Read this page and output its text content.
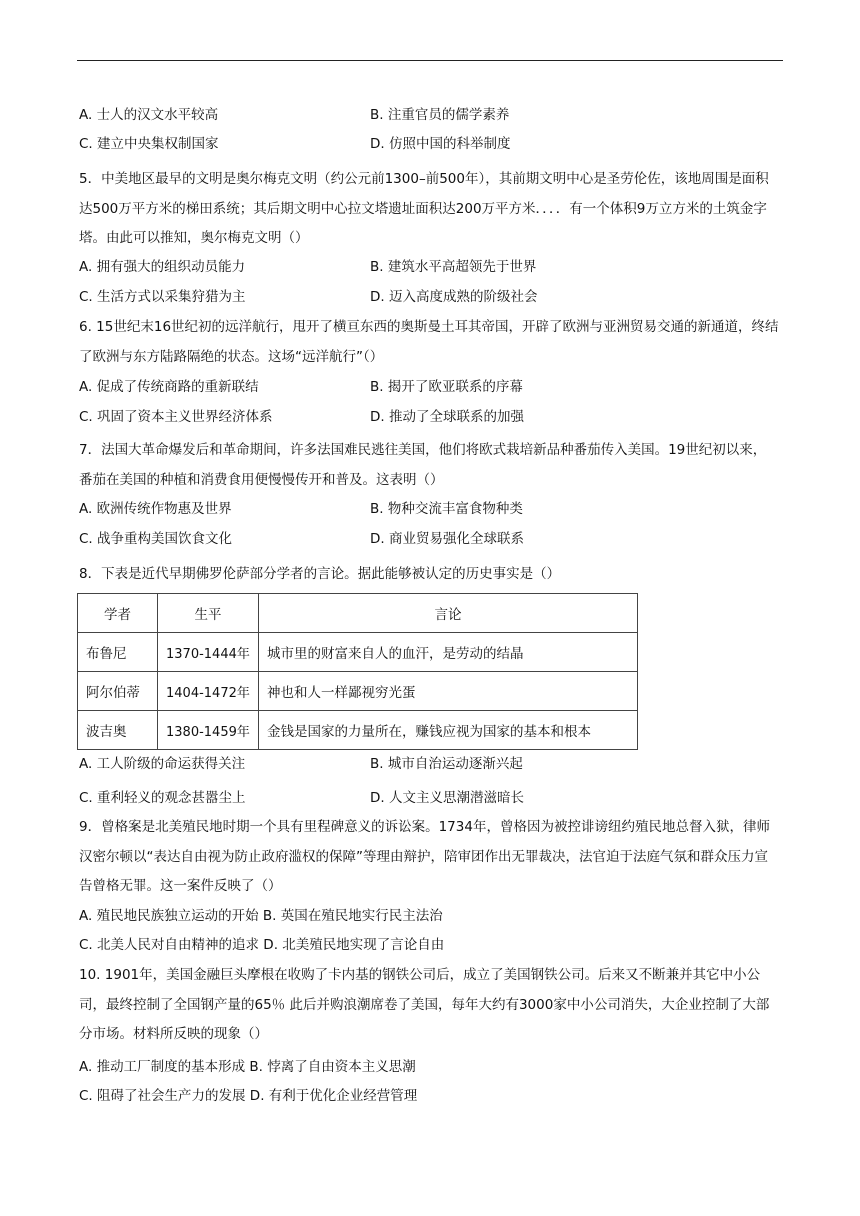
A. 士人的汉文水平较高	B. 注重官员的儒学素养
C. 建立中央集权制国家	D. 仿照中国的科举制度
5．中美地区最早的文明是奥尔梅克文明（约公元前1300–前500年），其前期文明中心是圣劳伦佐，该地周围是面积达500万平方米的梯田系统；其后期文明中心拉文塔遗址面积达200万平方米．．．．有一个体积9万立方米的土筑金字塔。由此可以推知，奥尔梅克文明（）
A. 拥有强大的组织动员能力	B. 建筑水平高超领先于世界
C. 生活方式以采集狩猎为主	D. 迈入高度成熟的阶级社会
6. 15世纪末16世纪初的远洋航行，甩开了横亘东西的奥斯曼土耳其帝国，开辟了欧洲与亚洲贸易交通的新通道，终结了欧洲与东方陆路隔绝的状态。这场“远洋航行”（）
A. 促成了传统商路的重新联结	B. 揭开了欧亚联系的序幕
C. 巩固了资本主义世界经济体系	D. 推动了全球联系的加强
7．法国大革命爆发后和革命期间，许多法国难民逃往美国，他们将欧式栽培新品种番茄传入美国。19世纪初以来，番茄在美国的种植和消费食用便慢慢传开和普及。这表明（）
A. 欧洲传统作物惠及世界	B. 物种交流丰富食物种类
C. 战争重构美国饮食文化	D. 商业贸易强化全球联系
8．下表是近代早期佛罗伦萨部分学者的言论。据此能够被认定的历史事实是（）
学者	生平	言论
布鲁尼	1370-1444年	城市里的财富来自人的血汗，是劳动的结晶
阿尔伯蒂	1404-1472年	神也和人一样鄙视穷光蛋
波吉奥	1380-1459年	金钱是国家的力量所在，赚钱应视为国家的基本和根本
A. 工人阶级的命运获得关注	B. 城市自治运动逐渐兴起
C. 重利轻义的观念甚嚣尘上	D. 人文主义思潮潜滋暗长
9．曾格案是北美殖民地时期一个具有里程碑意义的诉讼案。1734年，曾格因为被控诽谤纽约殖民地总督入狱，律师汉密尔顿以“表达自由视为防止政府滥权的保障”等理由辩护，陪审团作出无罪裁决，法官迫于法庭气氛和群众压力宣告曾格无罪。这一案件反映了（）
A. 殖民地民族独立运动的开始 B. 英国在殖民地实行民主法治
C. 北美人民对自由精神的追求 D. 北美殖民地实现了言论自由
10. 1901年，美国金融巨头摩根在收购了卡内基的钢铁公司后，成立了美国钢铁公司。后来又不断兼并其它中小公司，最终控制了全国钢产量的65％ 此后并购浪潮席卷了美国，每年大约有3000家中小公司消失，大企业控制了大部分市场。材料所反映的现象（）
A. 推动工厂制度的基本形成 B. 悖离了自由资本主义思潮
C. 阻碍了社会生产力的发展 D. 有利于优化企业经营管理
